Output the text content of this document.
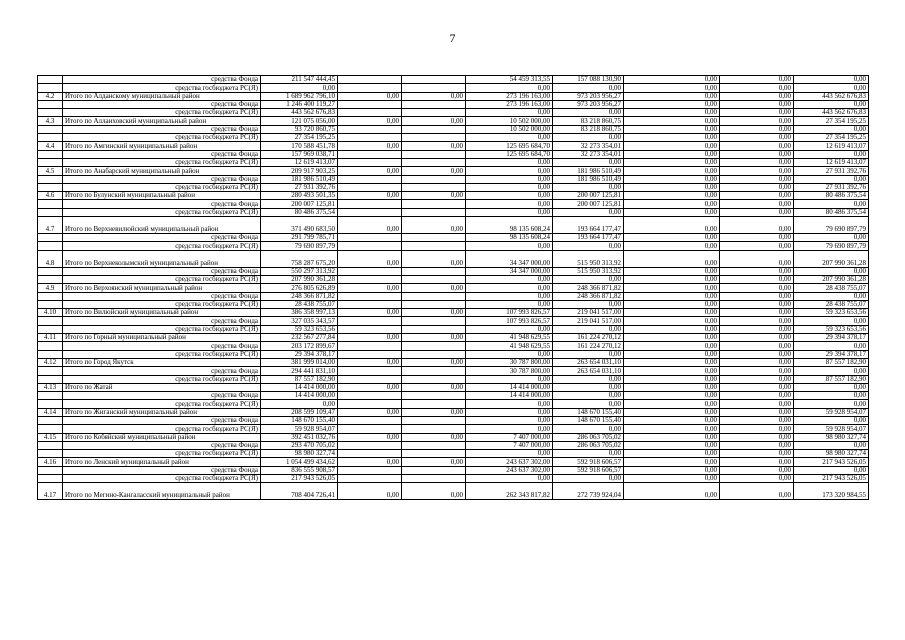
7
	средства Фонда	211 547 444,45			54 459 313,55	157 088 130,90	0,00	0,00	0,00
	средства госбюджета РС(Я)	0,00			0,00	0,00	0,00	0,00	0,00
4.2	Итого по Алданскому муниципальный район	1 689 962 796,10	0,00	0,00	273 196 163,00	973 203 956,27	0,00	0,00	443 562 676,83
	средства Фонда	1 246 400 119,27			273 196 163,00	973 203 956,27	0,00	0,00	0,00
	средства госбюджета РС(Я)	443 562 676,83			0,00	0,00	0,00	0,00	443 562 676,83
4.3	Итого по Аллаиховский муниципальный район	121 075 056,00	0,00	0,00	10 502 000,00	83 218 860,75	0,00	0,00	27 354 195,25
	средства Фонда	93 720 860,75			10 502 000,00	83 218 860,75	0,00	0,00	0,00
	средства госбюджета РС(Я)	27 354 195,25			0,00	0,00	0,00	0,00	27 354 195,25
4.4	Итого по Амгинский муниципальный район	170 588 451,78	0,00	0,00	125 695 684,70	32 273 354,01	0,00	0,00	12 619 413,07
	средства Фонда	157 969 038,71			125 695 684,70	32 273 354,01	0,00	0,00	0,00
	средства госбюджета РС(Я)	12 619 413,07			0,00	0,00	0,00	0,00	12 619 413,07
4.5	Итого по Анабарский муниципальный район	209 917 903,25	0,00	0,00	0,00	181 986 510,49	0,00	0,00	27 931 392,76
	средства Фонда	181 986 510,49			0,00	181 986 510,49	0,00	0,00	0,00
	средства госбюджета РС(Я)	27 931 392,76			0,00	0,00	0,00	0,00	27 931 392,76
4.6	Итого по Булунский муниципальный район	280 493 501,35	0,00	0,00	0,00	200 007 125,81	0,00	0,00	80 486 375,54
	средства Фонда	200 007 125,81			0,00	200 007 125,81	0,00	0,00	0,00
	средства госбюджета РС(Я)	80 486 375,54			0,00	0,00	0,00	0,00	80 486 375,54
4.7	Итого по Верхневилюйский муниципальный район	371 490 683,50	0,00	0,00	98 135 608,24	193 664 177,47	0,00	0,00	79 690 897,79
	средства Фонда	291 799 785,71			98 135 608,24	193 664 177,47	0,00	0,00	0,00
	средства госбюджета РС(Я)	79 690 897,79			0,00	0,00	0,00	0,00	79 690 897,79
4.8	Итого по Верхнеколымский муниципальный район	758 287 675,20	0,00	0,00	34 347 000,00	515 950 313,92	0,00	0,00	207 990 361,28
	средства Фонда	550 297 313,92			34 347 000,00	515 950 313,92	0,00	0,00	0,00
	средства госбюджета РС(Я)	207 990 361,28			0,00	0,00	0,00	0,00	207 990 361,28
4.9	Итого по Верхоянский муниципальный район	276 805 626,89	0,00	0,00	0,00	248 366 871,82	0,00	0,00	28 438 755,07
	средства Фонда	248 366 871,82			0,00	248 366 871,82	0,00	0,00	0,00
	средства госбюджета РС(Я)	28 438 755,07			0,00	0,00	0,00	0,00	28 438 755,07
4.10	Итого по Вилюйский муниципальный район	386 358 997,13	0,00	0,00	107 993 826,57	219 041 517,00	0,00	0,00	59 323 653,56
	средства Фонда	327 035 343,57			107 993 826,57	219 041 517,00	0,00	0,00	0,00
	средства госбюджета РС(Я)	59 323 653,56			0,00	0,00	0,00	0,00	59 323 653,56
4.11	Итого по Горный муниципальный район	232 567 277,84	0,00	0,00	41 948 629,55	161 224 270,12	0,00	0,00	29 394 378,17
	средства Фонда	203 172 899,67			41 948 629,55	161 224 270,12	0,00	0,00	0,00
	средства госбюджета РС(Я)	29 394 378,17			0,00	0,00	0,00	0,00	29 394 378,17
4.12	Итого по Город Якутск	381 999 014,00	0,00	0,00	30 787 800,00	263 654 031,10	0,00	0,00	87 557 182,90
	средства Фонда	294 441 831,10			30 787 800,00	263 654 031,10	0,00	0,00	0,00
	средства госбюджета РС(Я)	87 557 182,90			0,00	0,00	0,00	0,00	87 557 182,90
4.13	Итого по Жатай	14 414 000,00	0,00	0,00	14 414 000,00	0,00	0,00	0,00	0,00
	средства Фонда	14 414 000,00			14 414 000,00	0,00	0,00	0,00	0,00
	средства госбюджета РС(Я)	0,00			0,00	0,00	0,00	0,00	0,00
4.14	Итого по Жиганский муниципальный район	208 599 109,47	0,00	0,00	0,00	148 670 155,40	0,00	0,00	59 928 954,07
	средства Фонда	148 670 155,40			0,00	148 670 155,40	0,00	0,00	0,00
	средства госбюджета РС(Я)	59 928 954,07			0,00	0,00	0,00	0,00	59 928 954,07
4.15	Итого по Кобяйский муниципальный район	392 451 032,76	0,00	0,00	7 407 000,00	286 063 705,02	0,00	0,00	98 980 327,74
	средства Фонда	293 470 705,02			7 407 000,00	286 063 705,02	0,00	0,00	0,00
	средства госбюджета РС(Я)	98 980 327,74			0,00	0,00	0,00	0,00	98 980 327,74
4.16	Итого по Ленский муниципальный район	1 054 499 434,62	0,00	0,00	243 637 302,00	592 918 606,57	0,00	0,00	217 943 526,05
	средства Фонда	836 555 908,57			243 637 302,00	592 918 606,57	0,00	0,00	0,00
	средства госбюджета РС(Я)	217 943 526,05			0,00	0,00	0,00	0,00	217 943 526,05
4.17	Итого по Мегино-Кангаласский муниципальный район	708 404 726,41	0,00	0,00	262 343 817,82	272 739 924,04	0,00	0,00	173 320 984,55
